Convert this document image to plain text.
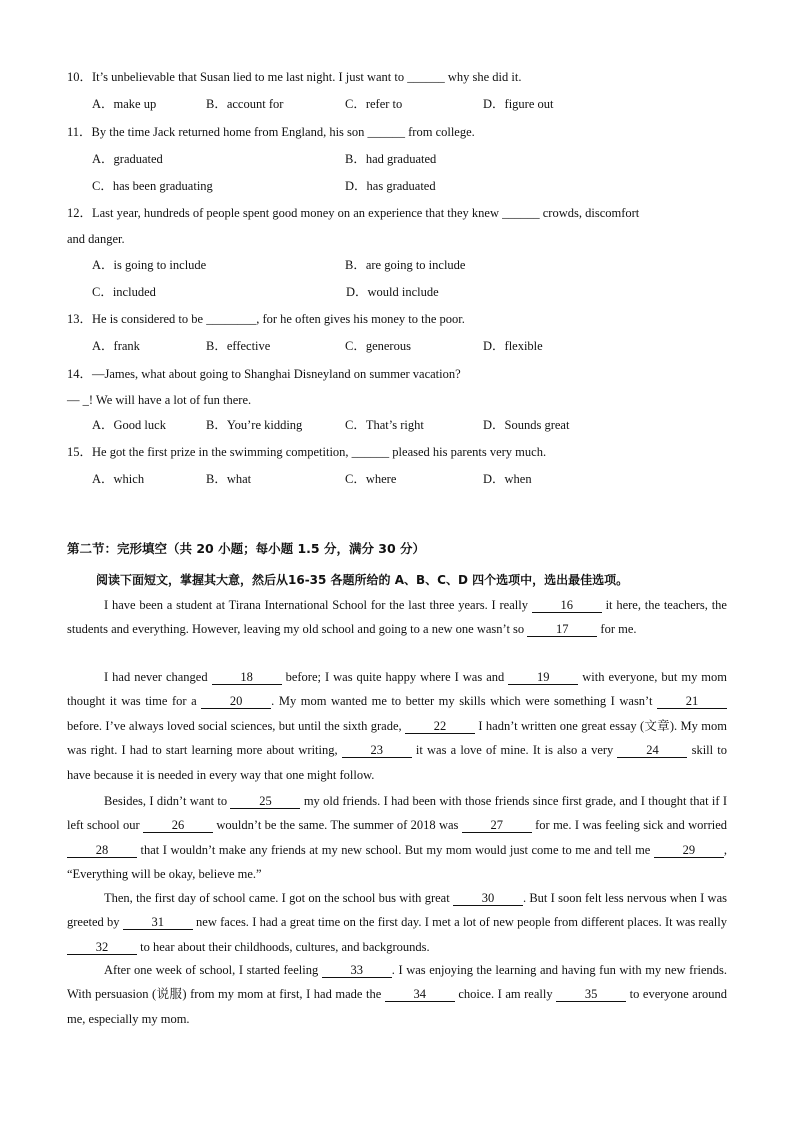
10．It’s unbelievable that Susan lied to me last night. I just want to ______ why she did it.
A．make up	B．account for	C．refer to	D．figure out
11．By the time Jack returned home from England, his son ______ from college.
A．graduated	B．had graduated
C．has been graduating	D．has graduated
12．Last year, hundreds of people spent good money on an experience that they knew ______ crowds, discomfort
and danger.
A．is going to include	B．are going to include
C．included	D．would include
13．He is considered to be ________, for he often gives his money to the poor.
A．frank	B．effective	C．generous	D．flexible
14．—James, what about going to Shanghai Disneyland on summer vacation?
— _! We will have a lot of fun there.
A．Good luck	B．You’re kidding	C．That’s right	D．Sounds great
15．He got the first prize in the swimming competition, ______ pleased his parents very much.
A．which	B．what	C．where	D．when
第二节：完形填空（共 20 小题；每小题 1.5 分，满分 30 分）
阅读下面短文，掌握其大意，然后从16-35 各题所给的 A、B、C、D 四个选项中，选出最佳选项。
I have been a student at Tirana International School for the last three years. I really 16 it here, the teachers, the students and everything. However, leaving my old school and going to a new one wasn’t so 17 for me.
I had never changed 18 before; I was quite happy where I was and 19 with everyone, but my mom thought it was time for a 20 . My mom wanted me to better my skills which were something I wasn’t 21 before. I’ve always loved social sciences, but until the sixth grade, 22 I hadn’t written one great essay (文章). My mom was right. I had to start learning more about writing, 23 it was a love of mine. It is also a very 24 skill to have because it is needed in every way that one might follow.
Besides, I didn’t want to 25 my old friends. I had been with those friends since first grade, and I thought that if I left school our 26 wouldn’t be the same. The summer of 2018 was 27 for me. I was feeling sick and worried 28 that I wouldn’t make any friends at my new school. But my mom would just come to me and tell me 29 , “Everything will be okay, believe me.”
Then, the first day of school came. I got on the school bus with great 30 . But I soon felt less nervous when I was greeted by 31 new faces. I had a great time on the first day. I met a lot of new people from different places. It was really 32 to hear about their childhoods, cultures, and backgrounds.
After one week of school, I started feeling 33 . I was enjoying the learning and having fun with my new friends. With persuasion (说服) from my mom at first, I had made the 34 choice. I am really 35 to everyone around me, especially my mom.
